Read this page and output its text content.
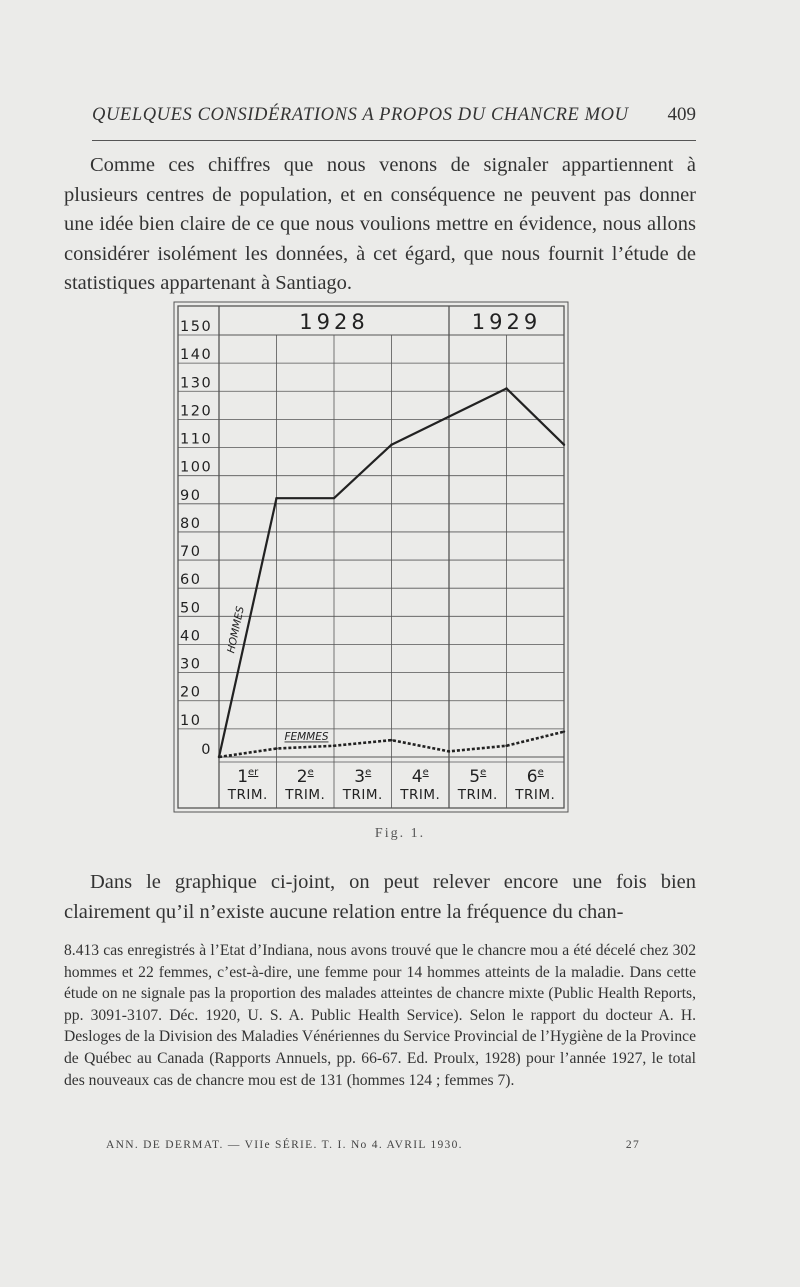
QUELQUES CONSIDÉRATIONS A PROPOS DU CHANCRE MOU 409

Comme ces chiffres que nous venons de signaler appartiennent à plusieurs centres de population, et en conséquence ne peuvent pas donner une idée bien claire de ce que nous voulions mettre en évidence, nous allons considérer isolément les données, à cet égard, que nous fournit l’étude de statistiques appartenant à Santiago.

1928	1929
150
140
130
120
110
100
90
80
70
60
50
40
30
20
10
0
1er
TRIM.
2e
TRIM.
3e
TRIM.
4e
TRIM.
5e
TRIM.
6e
TRIM.
HOMMES
FEMMES
Fig. 1.

Dans le graphique ci-joint, on peut relever encore une fois bien clairement qu’il n’existe aucune relation entre la fréquence du chan-

8.413 cas enregistrés à l’Etat d’Indiana, nous avons trouvé que le chancre mou a été décelé chez 302 hommes et 22 femmes, c’est-à-dire, une femme pour 14 hommes atteints de la maladie. Dans cette étude on ne signale pas la proportion des malades atteintes de chancre mixte (Public Health Reports, pp. 3091-3107. Déc. 1920, U. S. A. Public Health Service). Selon le rapport du docteur A. H. Desloges de la Division des Maladies Vénériennes du Service Provincial de l’Hygiène de la Province de Québec au Canada (Rapports Annuels, pp. 66-67. Ed. Proulx, 1928) pour l’année 1927, le total des nouveaux cas de chancre mou est de 131 (hommes 124 ; femmes 7).

ANN. DE DERMAT. — VIIe SÉRIE. T. I. No 4. AVRIL 1930.	27
